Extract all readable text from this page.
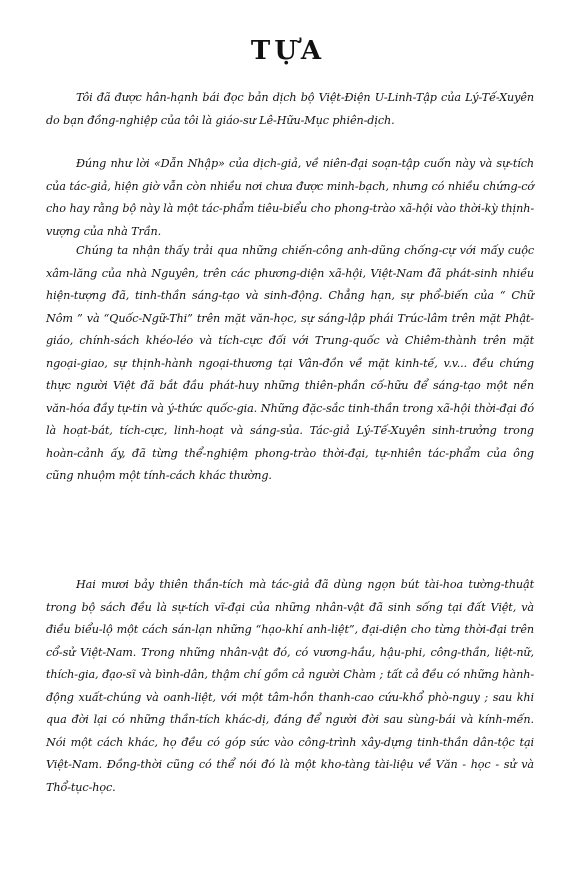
TỰA

Tôi đã được hân-hạnh bái đọc bản dịch bộ Việt-Điện U-Linh-Tập của Lý-Tế-Xuyên do bạn đồng-nghiệp của tôi là giáo-sư Lê-Hữu-Mục phiên-dịch.

Đúng như lời «Dẫn Nhập» của dịch-giả, về niên-đại soạn-tập cuốn này và sự-tích của tác-giả, hiện giờ vẫn còn nhiều nơi chưa được minh-bạch, nhưng có nhiều chứng-cớ cho hay rằng bộ này là một tác-phẩm tiêu-biểu cho phong-trào xã-hội vào thời-kỳ thịnh-vượng của nhà Trần.

Chúng ta nhận thấy trải qua những chiến-công anh-dũng chống-cự với mấy cuộc xâm-lăng của nhà Nguyên, trên các phương-diện xã-hội, Việt-Nam đã phát-sinh nhiều hiện-tượng đã, tinh-thần sáng-tạo và sinh-động. Chẳng hạn, sự phổ-biến của “ Chữ Nôm ” và “Quốc-Ngữ-Thi” trên mặt văn-học, sự sáng-lập phái Trúc-lâm trên mặt Phật-giáo, chính-sách khéo-léo và tích-cực đối với Trung-quốc và Chiêm-thành trên mặt ngoại-giao, sự thịnh-hành ngoại-thương tại Vân-đồn về mặt kinh-tế, v.v... đều chứng thực người Việt đã bắt đầu phát-huy những thiên-phần cố-hữu để sáng-tạo một nền văn-hóa đầy tự-tin và ý-thức quốc-gia. Những đặc-sắc tinh-thần trong xã-hội thời-đại đó là hoạt-bát, tích-cực, linh-hoạt và sáng-sủa. Tác-giả Lý-Tế-Xuyên sinh-trưởng trong hoàn-cảnh ấy, đã từng thể-nghiệm phong-trào thời-đại, tự-nhiên tác-phẩm của ông cũng nhuộm một tính-cách khác thường.

Hai mươi bảy thiên thần-tích mà tác-giả đã dùng ngọn bút tài-hoa tường-thuật trong bộ sách đều là sự-tích vĩ-đại của những nhân-vật đã sinh sống tại đất Việt, và điều biểu-lộ một cách sán-lạn những “hạo-khí anh-liệt”, đại-diện cho từng thời-đại trên cổ-sử Việt-Nam. Trong những nhân-vật đó, có vương-hầu, hậu-phi, công-thần, liệt-nữ, thích-gia, đạo-sĩ và bình-dân, thậm chí gồm cả người Chàm ; tất cả đều có những hành-động xuất-chúng và oanh-liệt, với một tâm-hồn thanh-cao cứu-khổ phò-nguy ; sau khi qua đời lại có những thần-tích khác-dị, đáng để người đời sau sùng-bái và kính-mến. Nói một cách khác, họ đều có góp sức vào công-trình xây-dựng tinh-thần dân-tộc tại Việt-Nam. Đồng-thời cũng có thể nói đó là một kho-tàng tài-liệu về Văn - học - sử và Thổ-tục-học.
